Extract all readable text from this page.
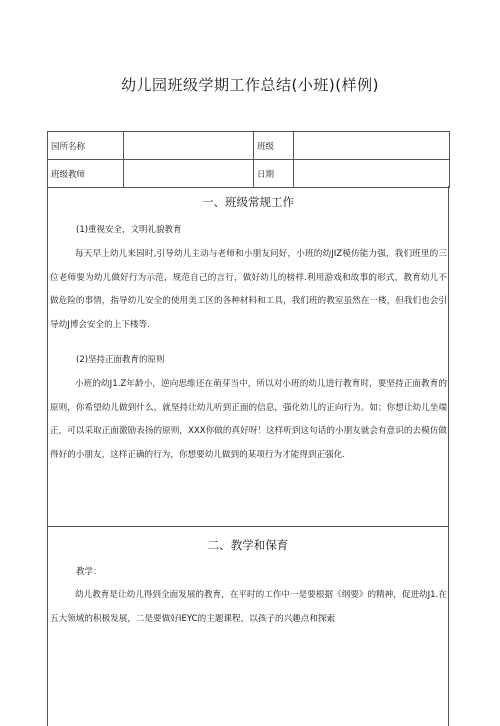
幼儿园班级学期工作总结(小班)(样例)
园所名称		班级	
班级教师		日期	
一、班级常规工作
(1)重视安全，文明礼貌教育

每天早上幼儿来园时,引导幼儿主动与老师和小朋友问好，小班的幼JIZ模仿能力强，我们班里的三位老师要为幼儿做好行为示范，规范自己的言行，做好幼儿的榜样.利用游戏和故事的形式，教育幼儿不做危险的事情，指导幼儿安全的使用美工区的各种材料和工具，我们班的教室虽然在一楼，但我们也会引导幼J博会安全的上下楼等.

(2)坚持正面教育的原则

小班的幼J1.Z年龄小，逆向思维还在萌芽当中，所以对小班的幼儿进行教育时，要坚持正面教育的原则，你希望幼儿做到什么，就坚持让幼儿听到正面的信息，强化幼儿的正向行为。如；你想让幼儿坐端正，可以采取正面激励表扬的原则，XXX你做的真好呀！这样听到这句话的小朋友就会有意识的去模仿做得好的小朋友，这样正确的行为，你想要幼儿做到的某项行为才能得到正强化.

二、教学和保育
教学：

幼儿教育是让幼儿得到全面发展的教育，在平时的工作中一是要根据《纲要》的精神，促进幼J1.在五大领域的积极发展，二是要做好IEYC的主题课程，以孩子的兴趣点和探索
